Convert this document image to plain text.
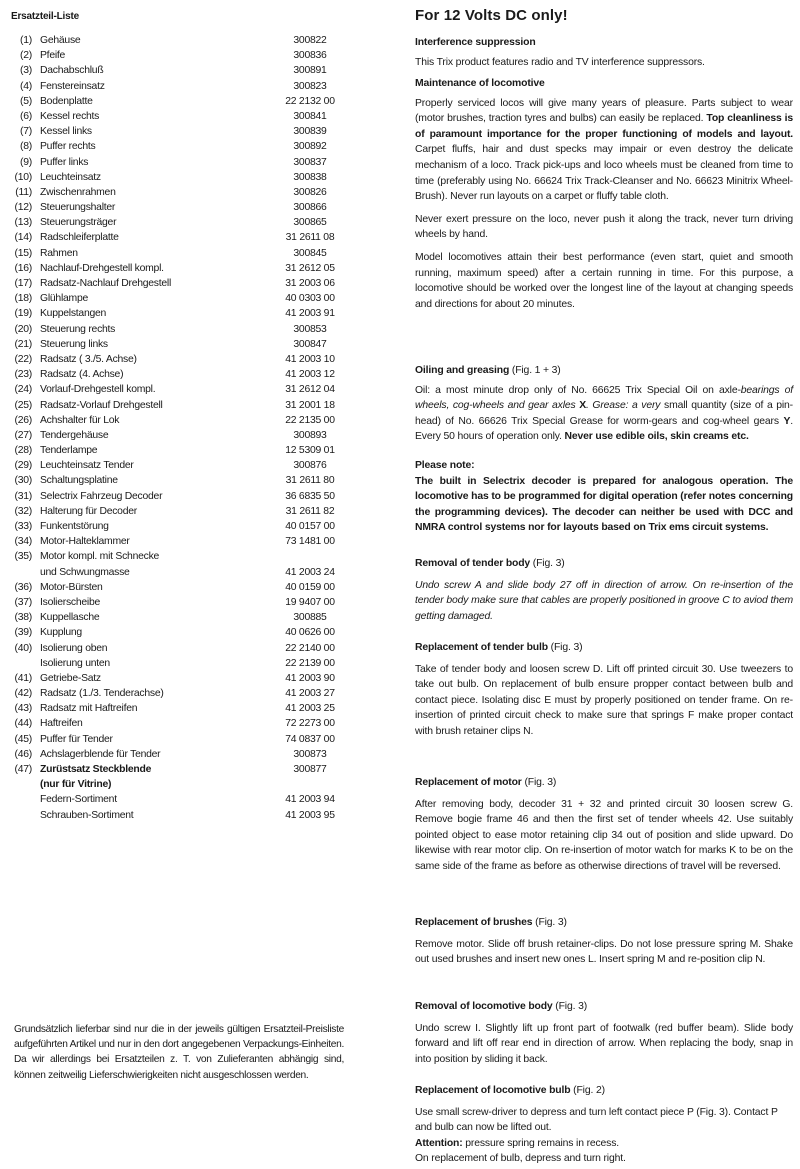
Ersatzteil-Liste
(1) Gehäuse	300822
(2) Pfeife	300836
(3) Dachabschluß	300891
(4) Fenstereinsatz	300823
(5) Bodenplatte	22 2132 00
(6) Kessel rechts	300841
(7) Kessel links	300839
(8) Puffer rechts	300892
(9) Puffer links	300837
(10) Leuchteinsatz	300838
(11) Zwischenrahmen	300826
(12) Steuerungshalter	300866
(13) Steuerungsträger	300865
(14) Radschleiferplatte	31 2611 08
(15) Rahmen	300845
(16) Nachlauf-Drehgestell kompl.	31 2612 05
(17) Radsatz-Nachlauf Drehgestell	31 2003 06
(18) Glühlampe	40 0303 00
(19) Kuppelstangen	41 2003 91
(20) Steuerung rechts	300853
(21) Steuerung links	300847
(22) Radsatz ( 3./5. Achse)	41 2003 10
(23) Radsatz (4. Achse)	41 2003 12
(24) Vorlauf-Drehgestell kompl.	31 2612 04
(25) Radsatz-Vorlauf Drehgestell	31 2001 18
(26) Achshalter für Lok	22 2135 00
(27) Tendergehäuse	300893
(28) Tenderlampe	12 5309 01
(29) Leuchteinsatz Tender	300876
(30) Schaltungsplatine	31 2611 80
(31) Selectrix Fahrzeug Decoder	36 6835 50
(32) Halterung für Decoder	31 2611 82
(33) Funkentstörung	40 0157 00
(34) Motor-Halteklammer	73 1481 00
(35) Motor kompl. mit Schnecke
und Schwungmasse	41 2003 24
(36) Motor-Bürsten	40 0159 00
(37) Isolierscheibe	19 9407 00
(38) Kuppellasche	300885
(39) Kupplung	40 0626 00
(40) Isolierung oben	22 2140 00
Isolierung unten	22 2139 00
(41) Getriebe-Satz	41 2003 90
(42) Radsatz (1./3. Tenderachse)	41 2003 27
(43) Radsatz mit Haftreifen	41 2003 25
(44) Haftreifen	72 2273 00
(45) Puffer für Tender	74 0837 00
(46) Achslagerblende für Tender	300873
(47) Zurüstsatz Steckblende	300877
(nur für Vitrine)
Federn-Sortiment	41 2003 94
Schrauben-Sortiment	41 2003 95
Grundsätzlich lieferbar sind nur die in der jeweils gültigen Ersatzteil-Preisliste aufgeführten Artikel und nur in den dort angegebenen Verpackungs-Einheiten. Da wir allerdings bei Ersatzteilen z. T. von Zulieferanten abhängig sind, können zeitweilig Lieferschwierigkeiten nicht ausgeschlossen werden.
For 12 Volts DC only!
Interference suppression
This Trix product features radio and TV interference suppressors.
Maintenance of locomotive
Properly serviced locos will give many years of pleasure. Parts subject to wear (motor brushes, traction tyres and bulbs) can easily be replaced. Top cleanliness is of paramount importance for the proper functioning of models and layout. Carpet fluffs, hair and dust specks may impair or even destroy the delicate mechanism of a loco. Track pick-ups and loco wheels must be cleaned from time to time (preferably using No. 66624 Trix Track-Cleanser and No. 66623 Minitrix Wheel-Brush). Never run layouts on a carpet or fluffy table cloth.
Never exert pressure on the loco, never push it along the track, never turn driving wheels by hand.
Model locomotives attain their best performance (even start, quiet and smooth running, maximum speed) after a certain running in time. For this purpose, a locomotive should be worked over the longest line of the layout at changing speeds and directions for about 20 minutes.
Oiling and greasing (Fig. 1 + 3)
Oil: a most minute drop only of No. 66625 Trix Special Oil on axle-bearings of wheels, cog-wheels and gear axles X. Grease: a very small quantity (size of a pin-head) of No. 66626 Trix Special Grease for worm-gears and cog-wheel gears Y. Every 50 hours of operation only. Never use edible oils, skin creams etc.
Please note:
The built in Selectrix decoder is prepared for analogous operation. The locomotive has to be programmed for digital operation (refer notes concerning the programming devices). The decoder can neither be used with DCC and NMRA control systems nor for layouts based on Trix ems circuit systems.
Removal of tender body (Fig. 3)
Undo screw A and slide body 27 off in direction of arrow. On re-insertion of the tender body make sure that cables are properly positioned in groove C to aviod them getting damaged.
Replacement of tender bulb (Fig. 3)
Take of tender body and loosen screw D. Lift off printed circuit 30. Use tweezers to take out bulb. On replacement of bulb ensure propper contact between bulb and contact piece. Isolating disc E must by properly positioned on tender frame. On re-insertion of printed circuit check to make sure that springs F make proper contact with brush retainer clips N.
Replacement of motor (Fig. 3)
After removing body, decoder 31 + 32 and printed circuit 30 loosen screw G. Remove bogie frame 46 and then the first set of tender wheels 42. Use suitably pointed object to ease motor retaining clip 34 out of position and slide upward. Do likewise with rear motor clip. On re-insertion of motor watch for marks K to be on the same side of the frame as before as otherwise directions of travel will be reversed.
Replacement of brushes (Fig. 3)
Remove motor. Slide off brush retainer-clips. Do not lose pressure spring M. Shake out used brushes and insert new ones L. Insert spring M and re-position clip N.
Removal of locomotive body (Fig. 3)
Undo screw I. Slightly lift up front part of footwalk (red buffer beam). Slide body forward and lift off rear end in direction of arrow. When replacing the body, snap in into position by sliding it back.
Replacement of locomotive bulb (Fig. 2)
Use small screw-driver to depress and turn left contact piece P (Fig. 3). Contact P and bulb can now be lifted out.
Attention: pressure spring remains in recess.
On replacement of bulb, depress and turn right.
